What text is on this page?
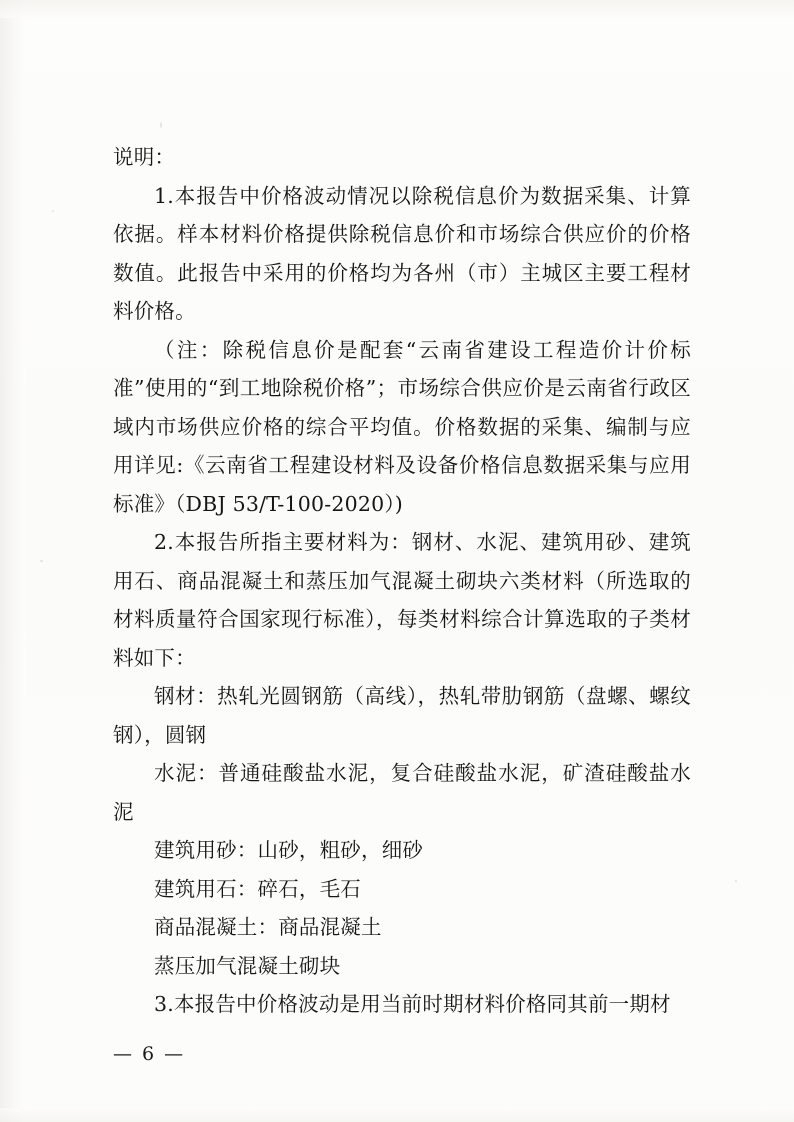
说明：

1.本报告中价格波动情况以除税信息价为数据采集、计算依据。样本材料价格提供除税信息价和市场综合供应价的价格数值。此报告中采用的价格均为各州（市）主城区主要工程材料价格。

（注：除税信息价是配套“云南省建设工程造价计价标准”使用的“到工地除税价格”；市场综合供应价是云南省行政区域内市场供应价格的综合平均值。价格数据的采集、编制与应用详见:《云南省工程建设材料及设备价格信息数据采集与应用标准》（DBJ 53/T-100-2020）)

2.本报告所指主要材料为：钢材、水泥、建筑用砂、建筑用石、商品混凝土和蒸压加气混凝土砌块六类材料（所选取的材料质量符合国家现行标准），每类材料综合计算选取的子类材料如下：

钢材：热轧光圆钢筋（高线），热轧带肋钢筋（盘螺、螺纹钢），圆钢

水泥：普通硅酸盐水泥，复合硅酸盐水泥，矿渣硅酸盐水泥

建筑用砂：山砂，粗砂，细砂

建筑用石：碎石，毛石

商品混凝土：商品混凝土

蒸压加气混凝土砌块

3.本报告中价格波动是用当前时期材料价格同其前一期材

— 6 —
